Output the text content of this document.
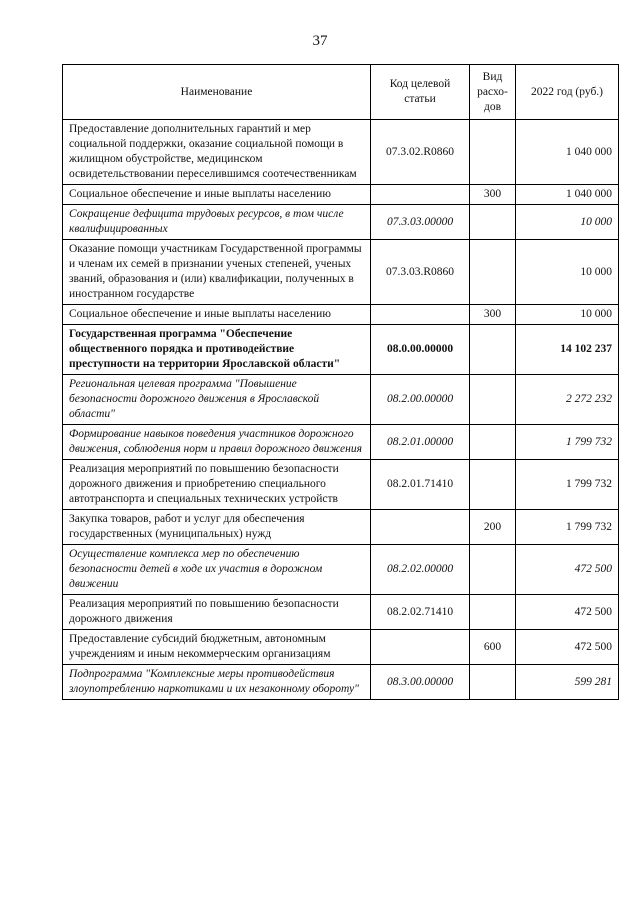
37
Наименование	Код целевой статьи	Вид расхо-дов	2022 год (руб.)
Предоставление дополнительных гарантий и мер социальной поддержки, оказание социальной помощи в жилищном обустройстве, медицинском освидетельствовании переселившимся соотечественникам	07.3.02.R0860		1 040 000
Социальное обеспечение и иные выплаты населению		300	1 040 000
Сокращение дефицита трудовых ресурсов, в том числе квалифицированных	07.3.03.00000		10 000
Оказание помощи участникам Государственной программы и членам их семей в признании ученых степеней, ученых званий, образования и (или) квалификации, полученных в иностранном государстве	07.3.03.R0860		10 000
Социальное обеспечение и иные выплаты населению		300	10 000
Государственная программа "Обеспечение общественного порядка и противодействие преступности на территории Ярославской области"	08.0.00.00000		14 102 237
Региональная целевая программа "Повышение безопасности дорожного движения в Ярославской области"	08.2.00.00000		2 272 232
Формирование навыков поведения участников дорожного движения, соблюдения норм и правил дорожного движения	08.2.01.00000		1 799 732
Реализация мероприятий по повышению безопасности дорожного движения и приобретению специального автотранспорта и специальных технических устройств	08.2.01.71410		1 799 732
Закупка товаров, работ и услуг для обеспечения государственных (муниципальных) нужд		200	1 799 732
Осуществление комплекса мер по обеспечению безопасности детей в ходе их участия в дорожном движении	08.2.02.00000		472 500
Реализация мероприятий по повышению безопасности дорожного движения	08.2.02.71410		472 500
Предоставление субсидий бюджетным, автономным учреждениям и иным некоммерческим организациям		600	472 500
Подпрограмма "Комплексные меры противодействия злоупотреблению наркотиками и их незаконному обороту"	08.3.00.00000		599 281
